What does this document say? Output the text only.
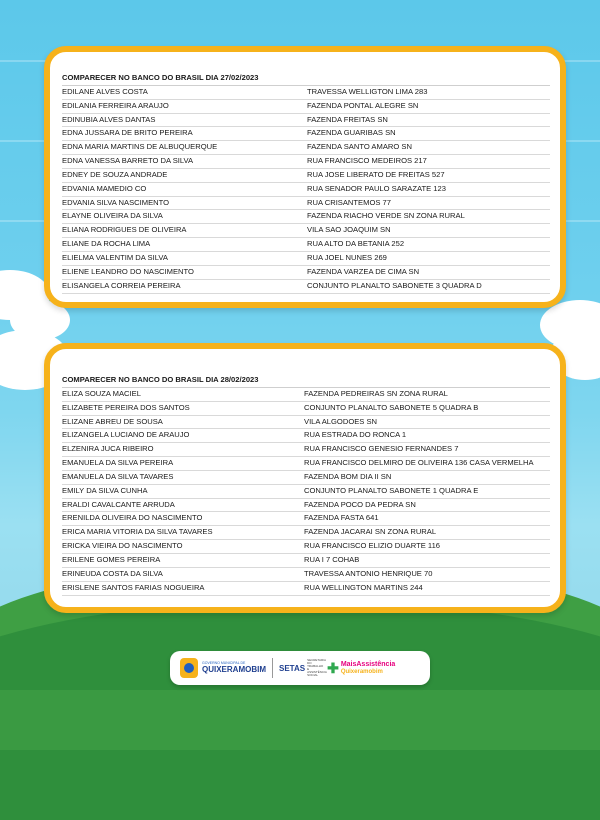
COMPARECER NO BANCO DO BRASIL DIA 27/02/2023
EDILANE ALVES COSTA	TRAVESSA WELLIGTON LIMA 283
EDILANIA FERREIRA ARAUJO	FAZENDA PONTAL ALEGRE SN
EDINUBIA ALVES DANTAS	FAZENDA FREITAS SN
EDNA JUSSARA DE BRITO PEREIRA	FAZENDA GUARIBAS SN
EDNA MARIA MARTINS DE ALBUQUERQUE	FAZENDA SANTO AMARO SN
EDNA VANESSA BARRETO DA SILVA	RUA FRANCISCO MEDEIROS 217
EDNEY DE SOUZA ANDRADE	RUA JOSE LIBERATO DE FREITAS 527
EDVANIA MAMEDIO CO	RUA SENADOR PAULO SARAZATE 123
EDVANIA SILVA NASCIMENTO	RUA CRISANTEMOS 77
ELAYNE OLIVEIRA DA SILVA	FAZENDA RIACHO VERDE SN ZONA RURAL
ELIANA RODRIGUES DE OLIVEIRA	VILA SAO JOAQUIM SN
ELIANE DA ROCHA LIMA	RUA ALTO DA BETANIA 252
ELIELMA VALENTIM DA SILVA	RUA JOEL NUNES 269
ELIENE LEANDRO DO NASCIMENTO	FAZENDA VARZEA DE CIMA SN
ELISANGELA CORREIA PEREIRA	CONJUNTO PLANALTO SABONETE 3 QUADRA D
COMPARECER NO BANCO DO BRASIL DIA 28/02/2023
ELIZA SOUZA MACIEL	FAZENDA PEDREIRAS SN ZONA RURAL
ELIZABETE PEREIRA DOS SANTOS	CONJUNTO PLANALTO SABONETE 5 QUADRA B
ELIZANE ABREU DE SOUSA	VILA ALGODOES SN
ELIZANGELA LUCIANO DE ARAUJO	RUA ESTRADA DO RONCA 1
ELZENIRA JUCA RIBEIRO	RUA FRANCISCO GENESIO FERNANDES 7
EMANUELA DA SILVA PEREIRA	RUA FRANCISCO DELMIRO DE OLIVEIRA 136 CASA VERMELHA
EMANUELA DA SILVA TAVARES	FAZENDA BOM DIA II SN
EMILY DA SILVA CUNHA	CONJUNTO PLANALTO SABONETE 1 QUADRA E
ERALDI CAVALCANTE ARRUDA	FAZENDA POCO DA PEDRA SN
ERENILDA OLIVEIRA DO NASCIMENTO	FAZENDA FASTA 641
ERICA MARIA VITORIA DA SILVA TAVARES	FAZENDA JACARAI SN ZONA RURAL
ERICKA VIEIRA DO NASCIMENTO	RUA FRANCISCO ELIZIO DUARTE 116
ERILENE GOMES PEREIRA	RUA I 7 COHAB
ERINEUDA COSTA DA SILVA	TRAVESSA ANTONIO HENRIQUE 70
ERISLENE SANTOS FARIAS NOGUEIRA	RUA WELLINGTON MARTINS 244
GOVERNO MUNICIPAL DE
QUIXERAMOBIM SETAS
SECRETARIA DO TRABALHO E ASSISTÊNCIA SOCIAL ✚ MaisAssistência
Quixeramobim
